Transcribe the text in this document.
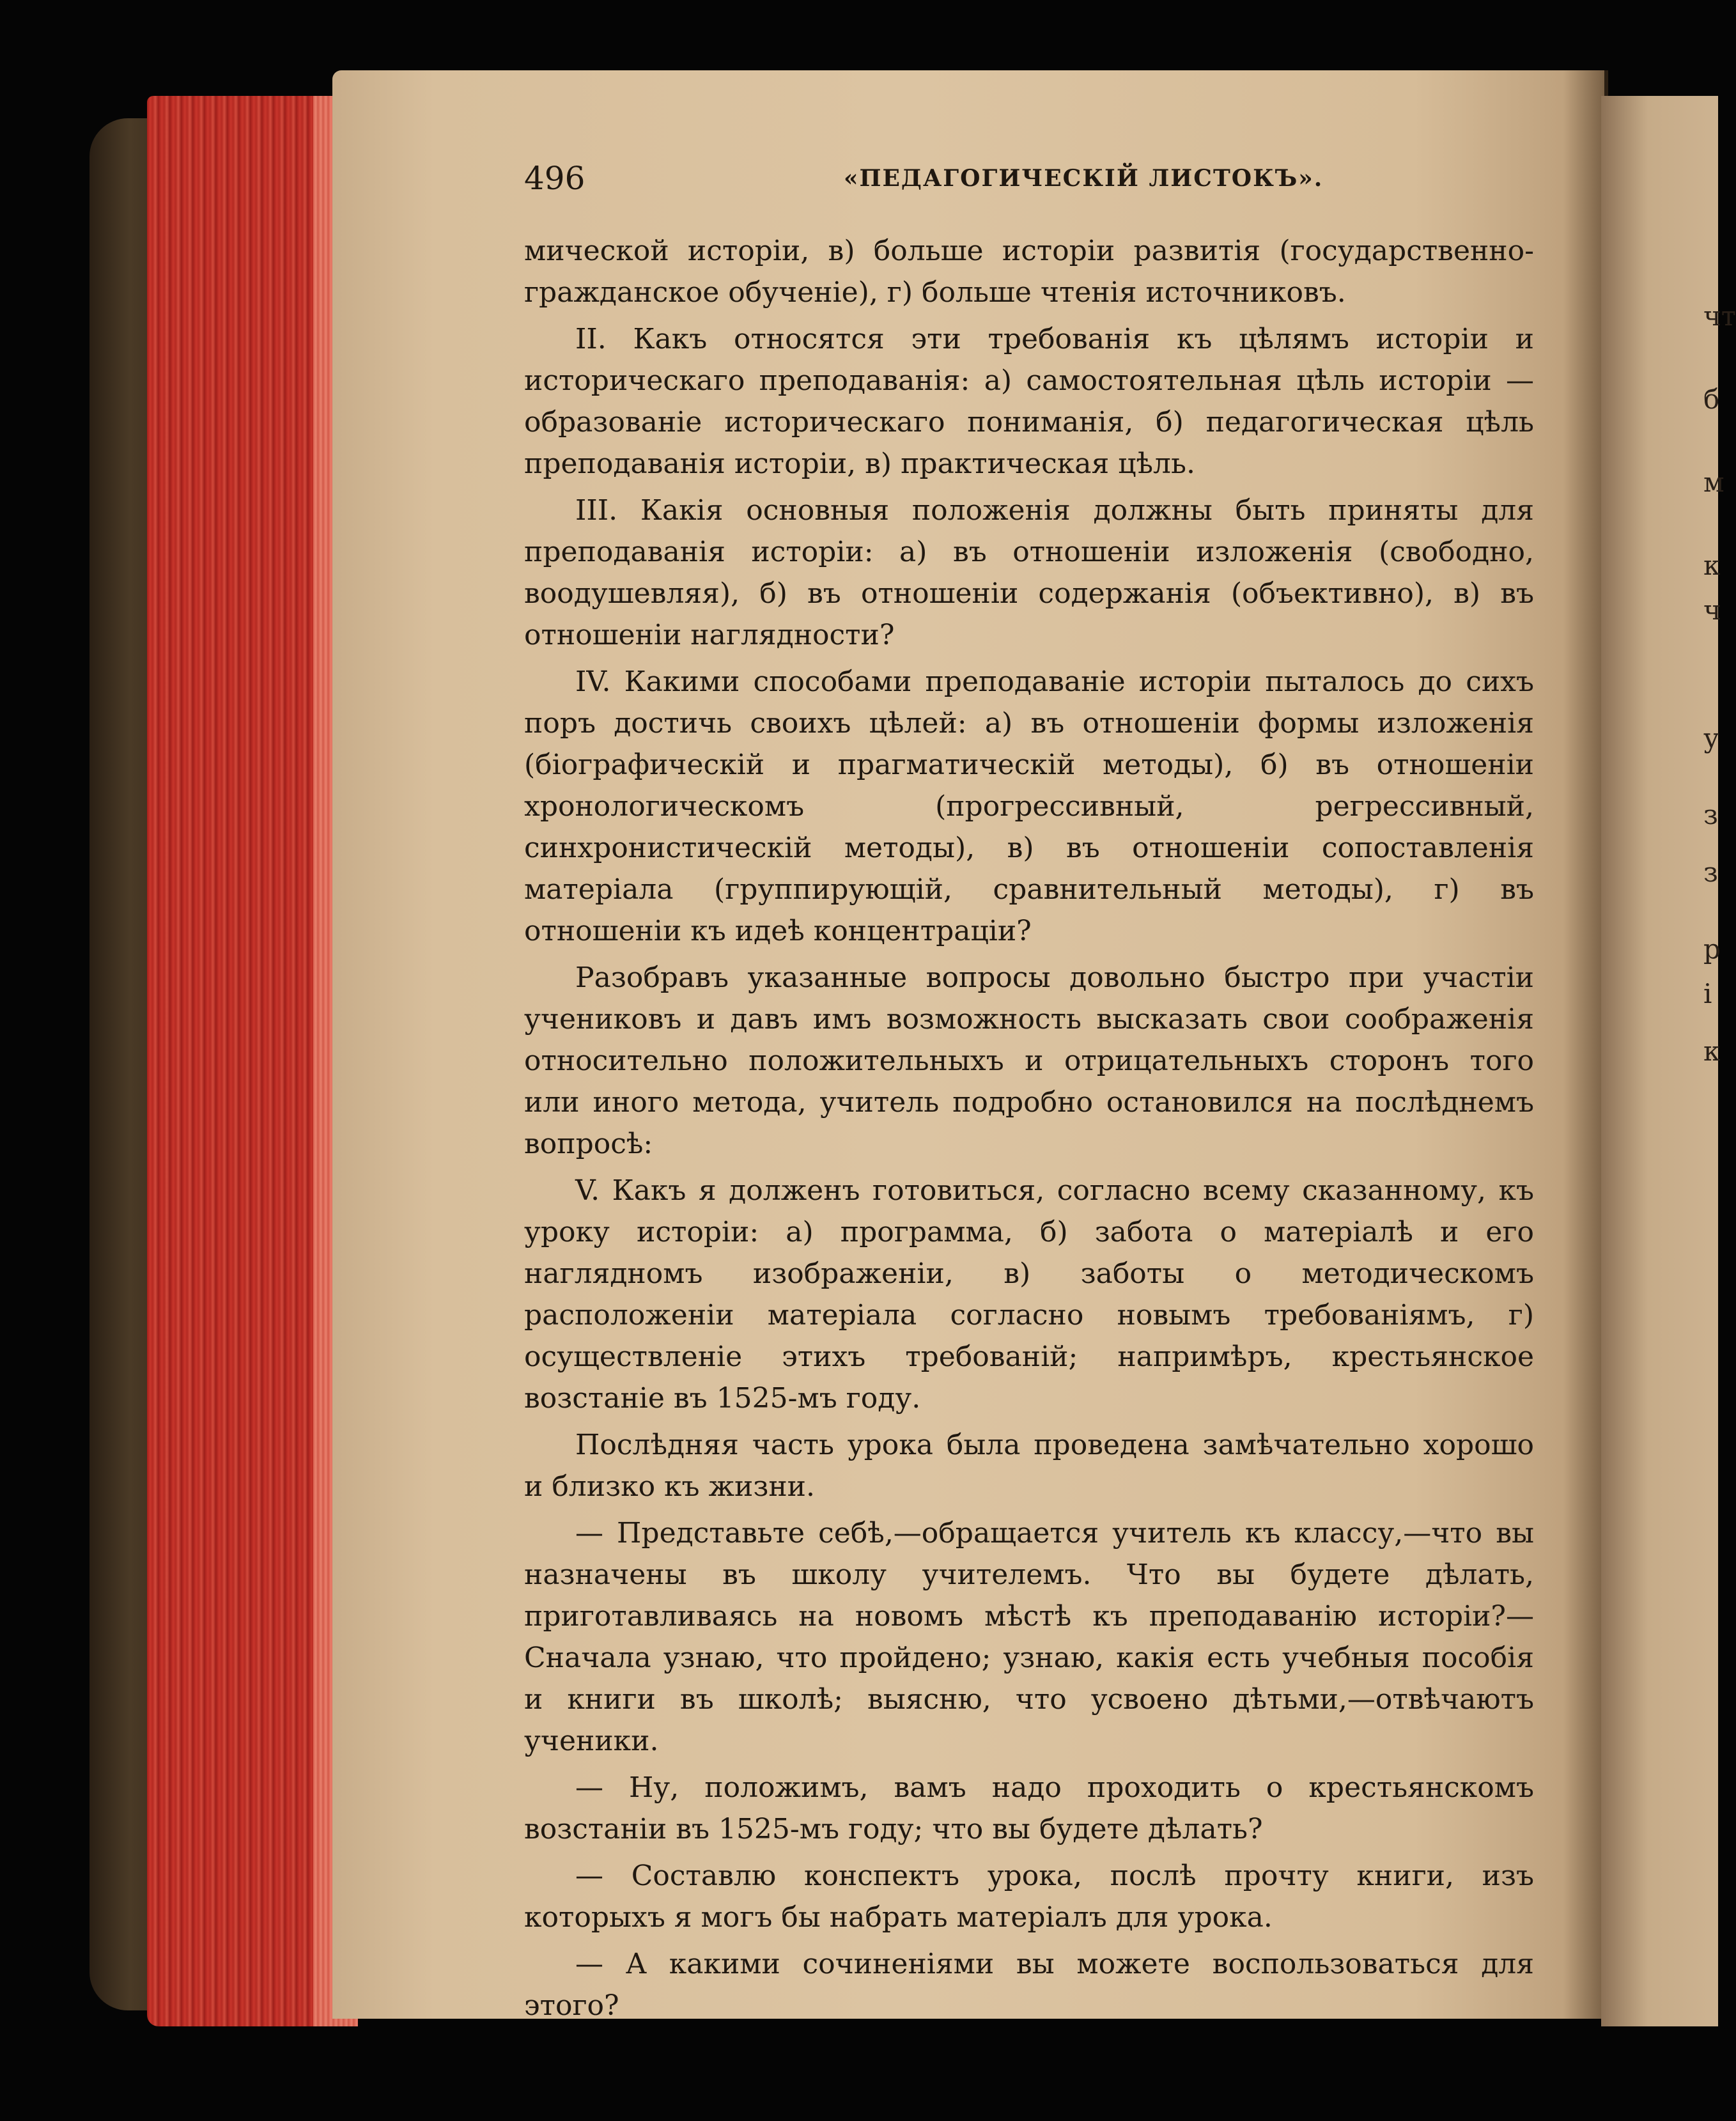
496	«ПЕДАГОГИЧЕСКІЙ ЛИСТОКЪ».

мической исторіи, в) больше исторіи развитія (государственно-гражданское обученіе), г) больше чтенія источниковъ.

II. Какъ относятся эти требованія къ цѣлямъ исторіи и историческаго преподаванія: а) самостоятельная цѣль исторіи — образованіе историческаго пониманія, б) педагогическая цѣль преподаванія исторіи, в) практическая цѣль.

III. Какія основныя положенія должны быть приняты для преподаванія исторіи: а) въ отношеніи изложенія (свободно, воодушевляя), б) въ отношеніи содержанія (объективно), в) въ отношеніи наглядности?

IV. Какими способами преподаваніе исторіи пыталось до сихъ поръ достичь своихъ цѣлей: а) въ отношеніи формы изложенія (біографическій и прагматическій методы), б) въ отношеніи хронологическомъ (прогрессивный, регрессивный, синхронистическій методы), в) въ отношеніи сопоставленія матеріала (группирующій, сравнительный методы), г) въ отношеніи къ идеѣ концентраціи?

Разобравъ указанные вопросы довольно быстро при участіи учениковъ и давъ имъ возможность высказать свои соображенія относительно положительныхъ и отрицательныхъ сторонъ того или иного метода, учитель подробно остановился на послѣднемъ вопросѣ:

V. Какъ я долженъ готовиться, согласно всему сказанному, къ уроку исторіи: а) программа, б) забота о матеріалѣ и его наглядномъ изображеніи, в) заботы о методическомъ расположеніи матеріала согласно новымъ требованіямъ, г) осуществленіе этихъ требованій; напримѣръ, крестьянское возстаніе въ 1525-мъ году.

Послѣдняя часть урока была проведена замѣчательно хорошо и близко къ жизни.

— Представьте себѣ,—обращается учитель къ классу,—что вы назначены въ школу учителемъ. Что вы будете дѣлать, приготавливаясь на новомъ мѣстѣ къ преподаванію исторіи?—Сначала узнаю, что пройдено; узнаю, какія есть учебныя пособія и книги въ школѣ; выясню, что усвоено дѣтьми,—отвѣчаютъ ученики.

— Ну, положимъ, вамъ надо проходить о крестьянскомъ возстаніи въ 1525-мъ году; что вы будете дѣлать?

— Составлю конспектъ урока, послѣ прочту книги, изъ которыхъ я могъ бы набрать матеріалъ для урока.

— А какими сочиненіями вы можете воспользоваться для этого?

чт
б
м
к
ч
у
з
з
р
і
к
